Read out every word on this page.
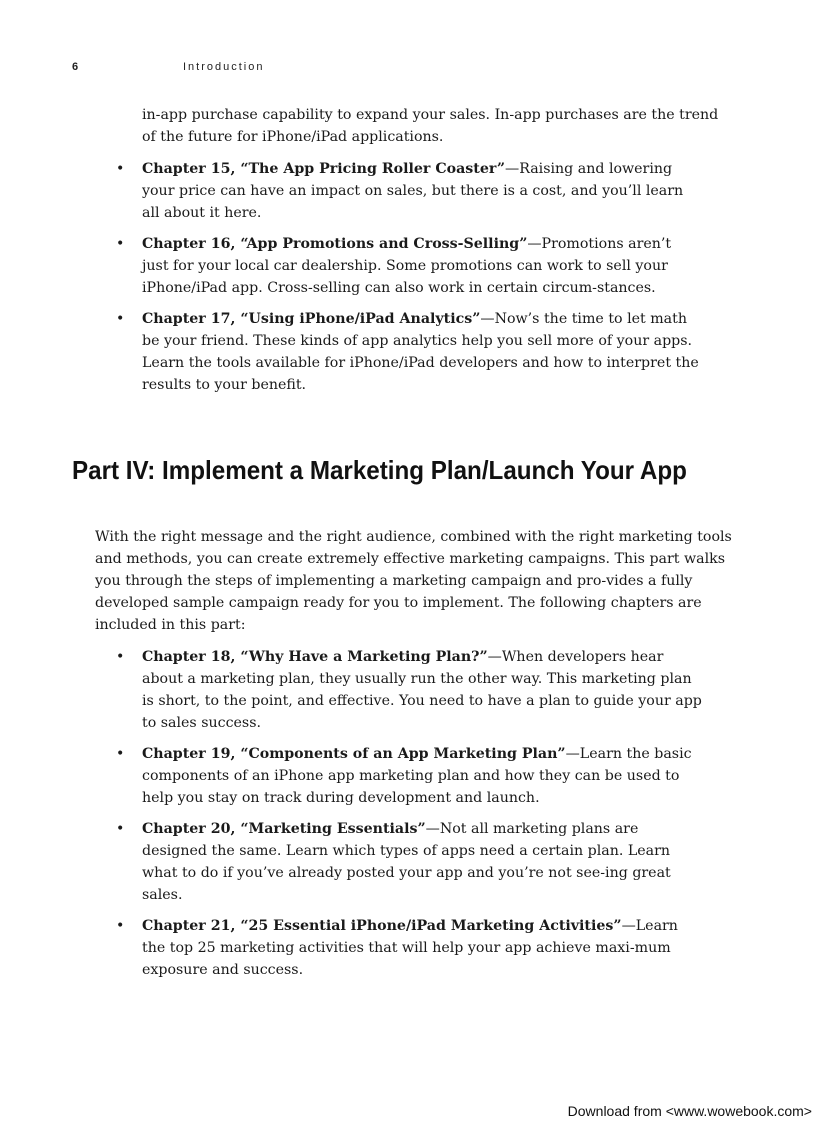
6	Introduction

in-app purchase capability to expand your sales. In-app purchases are the trend of the future for iPhone/iPad applications.

• Chapter 15, “The App Pricing Roller Coaster”—Raising and lowering your price can have an impact on sales, but there is a cost, and you’ll learn all about it here.
• Chapter 16, “App Promotions and Cross-Selling”—Promotions aren’t just for your local car dealership. Some promotions can work to sell your iPhone/iPad app. Cross-selling can also work in certain circum-stances.
• Chapter 17, “Using iPhone/iPad Analytics”—Now’s the time to let math be your friend. These kinds of app analytics help you sell more of your apps. Learn the tools available for iPhone/iPad developers and how to interpret the results to your benefit.
Part IV: Implement a Marketing Plan/Launch Your App

With the right message and the right audience, combined with the right marketing tools and methods, you can create extremely effective marketing campaigns. This part walks you through the steps of implementing a marketing campaign and pro-vides a fully developed sample campaign ready for you to implement. The following chapters are included in this part:

• Chapter 18, “Why Have a Marketing Plan?”—When developers hear about a marketing plan, they usually run the other way. This marketing plan is short, to the point, and effective. You need to have a plan to guide your app to sales success.
• Chapter 19, “Components of an App Marketing Plan”—Learn the basic components of an iPhone app marketing plan and how they can be used to help you stay on track during development and launch.
• Chapter 20, “Marketing Essentials”—Not all marketing plans are designed the same. Learn which types of apps need a certain plan. Learn what to do if you’ve already posted your app and you’re not see-ing great sales.
• Chapter 21, “25 Essential iPhone/iPad Marketing Activities”—Learn the top 25 marketing activities that will help your app achieve maxi-mum exposure and success.
Download from <www.wowebook.com>
